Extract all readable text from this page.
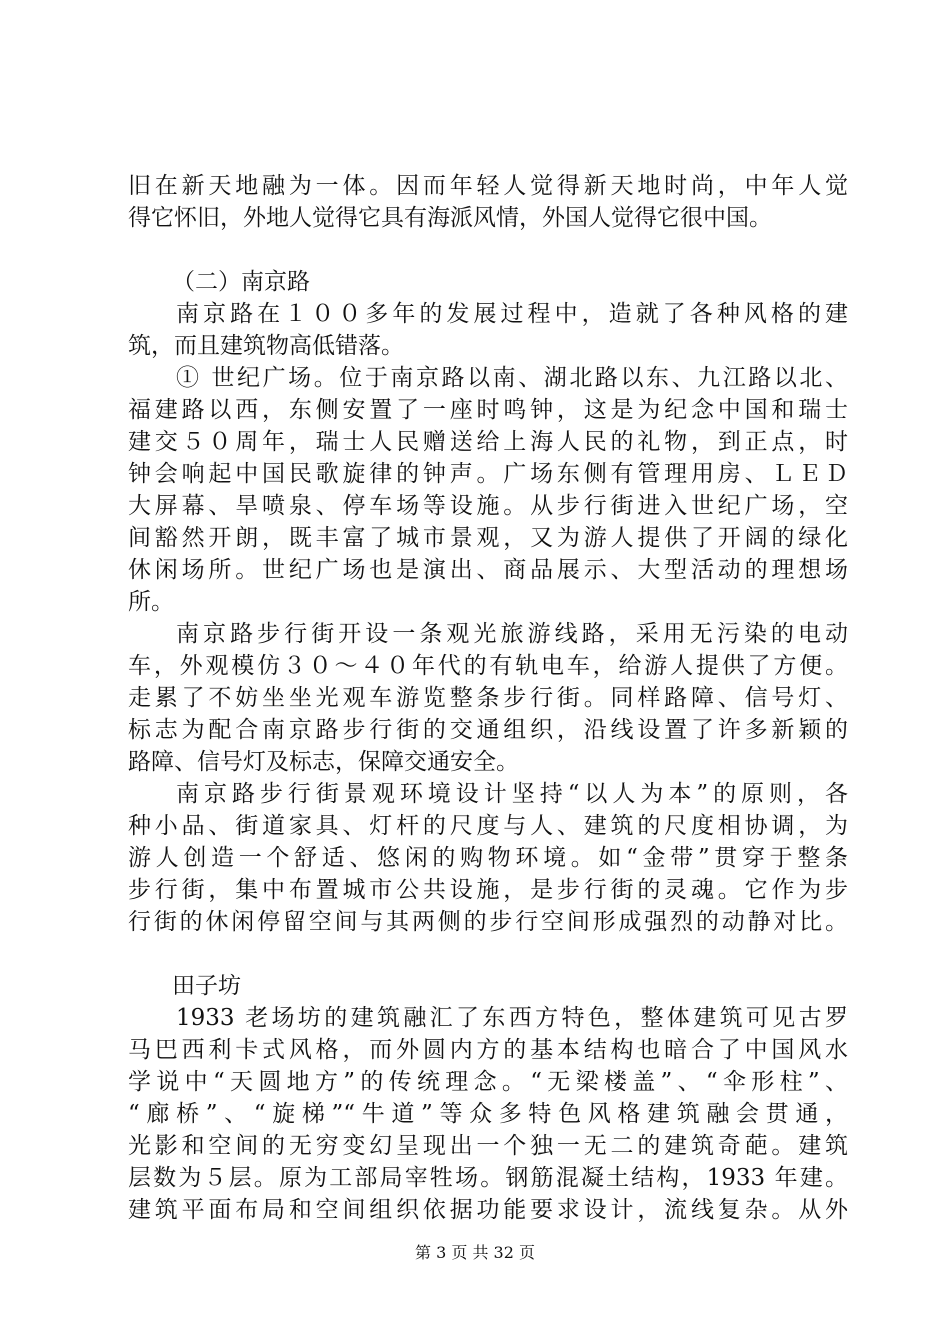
旧在新天地融为一体。因而年轻人觉得新天地时尚，中年人觉
得它怀旧，外地人觉得它具有海派风情，外国人觉得它很中国。
（二）南京路
南京路在１００多年的发展过程中，造就了各种风格的建
筑，而且建筑物高低错落。
① 世纪广场。位于南京路以南、湖北路以东、九江路以北、
福建路以西，东侧安置了一座时鸣钟，这是为纪念中国和瑞士
建交５０周年，瑞士人民赠送给上海人民的礼物，到正点，时
钟会响起中国民歌旋律的钟声。广场东侧有管理用房、ＬＥＤ
大屏幕、旱喷泉、停车场等设施。从步行街进入世纪广场，空
间豁然开朗，既丰富了城市景观，又为游人提供了开阔的绿化
休闲场所。世纪广场也是演出、商品展示、大型活动的理想场
所。
南京路步行街开设一条观光旅游线路，采用无污染的电动
车，外观模仿３０～４０年代的有轨电车，给游人提供了方便。
走累了不妨坐坐光观车游览整条步行街。同样路障、信号灯、
标志为配合南京路步行街的交通组织，沿线设置了许多新颖的
路障、信号灯及标志，保障交通安全。
南京路步行街景观环境设计坚持“以人为本”的原则，各
种小品、街道家具、灯杆的尺度与人、建筑的尺度相协调，为
游人创造一个舒适、悠闲的购物环境。如“金带”贯穿于整条
步行街，集中布置城市公共设施，是步行街的灵魂。它作为步
行街的休闲停留空间与其两侧的步行空间形成强烈的动静对比。
田子坊
1933 老场坊的建筑融汇了东西方特色，整体建筑可见古罗
马巴西利卡式风格，而外圆内方的基本结构也暗合了中国风水
学说中“天圆地方”的传统理念。“无梁楼盖”、“伞形柱”、
“廊桥”、“旋梯”“牛道”等众多特色风格建筑融会贯通，
光影和空间的无穷变幻呈现出一个独一无二的建筑奇葩。建筑
层数为５层。原为工部局宰牲场。钢筋混凝土结构，1933 年建。
建筑平面布局和空间组织依据功能要求设计，流线复杂。从外
第 3 页 共 32 页
